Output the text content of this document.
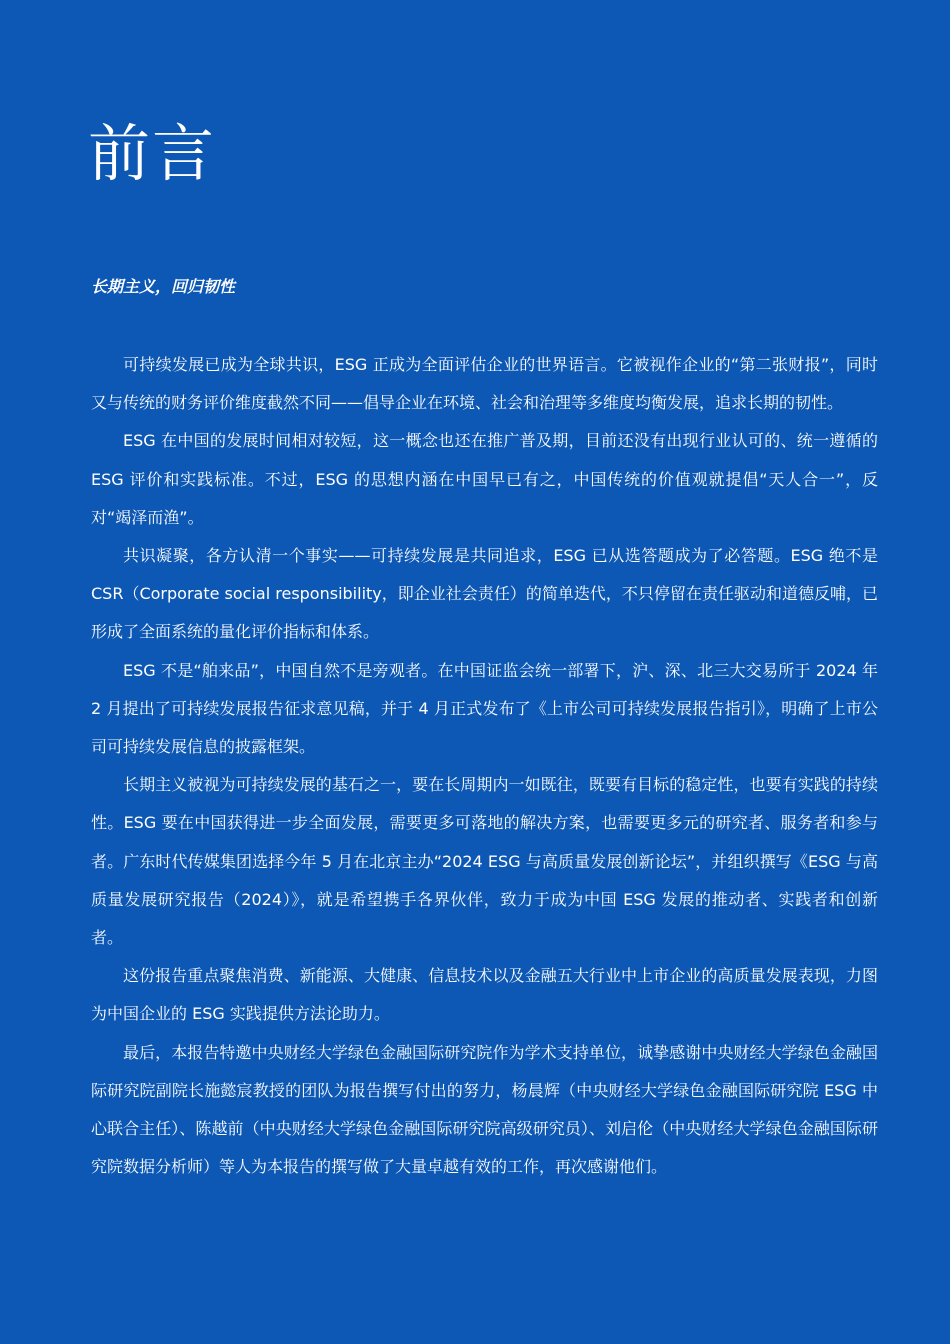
前言
长期主义，回归韧性

可持续发展已成为全球共识，ESG 正成为全面评估企业的世界语言。它被视作企业的“第二张财报”，同时又与传统的财务评价维度截然不同——倡导企业在环境、社会和治理等多维度均衡发展，追求长期的韧性。

ESG 在中国的发展时间相对较短，这一概念也还在推广普及期，目前还没有出现行业认可的、统一遵循的 ESG 评价和实践标准。不过，ESG 的思想内涵在中国早已有之，中国传统的价值观就提倡“天人合一”，反对“竭泽而渔”。

共识凝聚，各方认清一个事实——可持续发展是共同追求，ESG 已从选答题成为了必答题。ESG 绝不是 CSR（Corporate social responsibility，即企业社会责任）的简单迭代，不只停留在责任驱动和道德反哺，已形成了全面系统的量化评价指标和体系。

ESG 不是“舶来品”，中国自然不是旁观者。在中国证监会统一部署下，沪、深、北三大交易所于 2024 年 2 月提出了可持续发展报告征求意见稿，并于 4 月正式发布了《上市公司可持续发展报告指引》，明确了上市公司可持续发展信息的披露框架。

长期主义被视为可持续发展的基石之一，要在长周期内一如既往，既要有目标的稳定性，也要有实践的持续性。ESG 要在中国获得进一步全面发展，需要更多可落地的解决方案，也需要更多元的研究者、服务者和参与者。广东时代传媒集团选择今年 5 月在北京主办“2024 ESG 与高质量发展创新论坛”，并组织撰写《ESG 与高质量发展研究报告（2024）》，就是希望携手各界伙伴，致力于成为中国 ESG 发展的推动者、实践者和创新者。

这份报告重点聚焦消费、新能源、大健康、信息技术以及金融五大行业中上市企业的高质量发展表现，力图为中国企业的 ESG 实践提供方法论助力。

最后，本报告特邀中央财经大学绿色金融国际研究院作为学术支持单位，诚挚感谢中央财经大学绿色金融国际研究院副院长施懿宸教授的团队为报告撰写付出的努力，杨晨辉（中央财经大学绿色金融国际研究院 ESG 中心联合主任）、陈越前（中央财经大学绿色金融国际研究院高级研究员）、刘启伦（中央财经大学绿色金融国际研究院数据分析师）等人为本报告的撰写做了大量卓越有效的工作，再次感谢他们。
